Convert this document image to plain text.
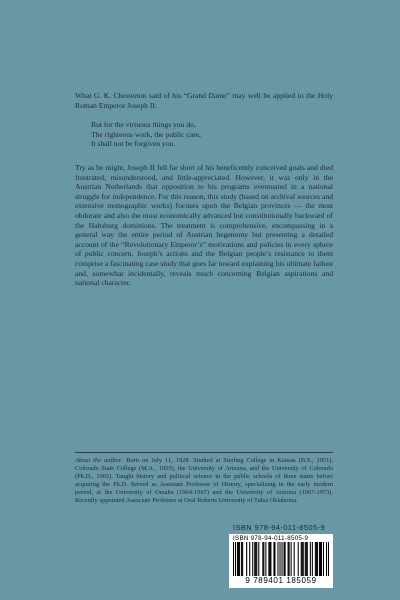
What G. K. Chesterton said of his “Grand Dame” may well be applied to the Holy Roman Emperor Joseph II:
But for the virtuous things you do,
The righteous work, the public care,
It shall not be forgiven you.

Try as he might, Joseph II fell far short of his beneficently conceived goals and died frustrated, misunderstood, and little-appreciated. However, it was only in the Austrian Netherlands that opposition to his programs eventuated in a national struggle for independence. For this reason, this study (based on archival sources and extensive monographic works) focuses upon the Belgian provinces — the most obdurate and also the most economically advanced but constitutionally backward of the Habsburg dominions. The treatment is comprehensive, encompassing in a general way the entire period of Austrian hegemony but presenting a detailed account of the “Revolutionary Emperor’s” motivations and policies in every sphere of public concern. Joseph’s actions and the Belgian people’s resistance to them comprise a fascinating case study that goes far toward explaining his ultimate failure and, somewhat incidentally, reveals much concerning Belgian aspirations and national character.

About the author: Born on July 11, 1928. Studied at Sterling College in Kansas (B.S., 1951), Colorado State College (M.A., 1955), the University of Arizona, and the University of Colorado (Ph.D., 1965). Taught history and political science in the public schools of three states before acquiring the Ph.D. Served as Assistant Professor of History, specializing in the early modern period, at the University of Omaha (1964-1967) and the University of Arizona (1967-1973). Recently appointed Associate Professor at Oral Roberts University of Tulsa Oklahoma.
ISBN 978-94-011-8505-9
ISBN 978-94-011-8505-9
9 789401 185059
